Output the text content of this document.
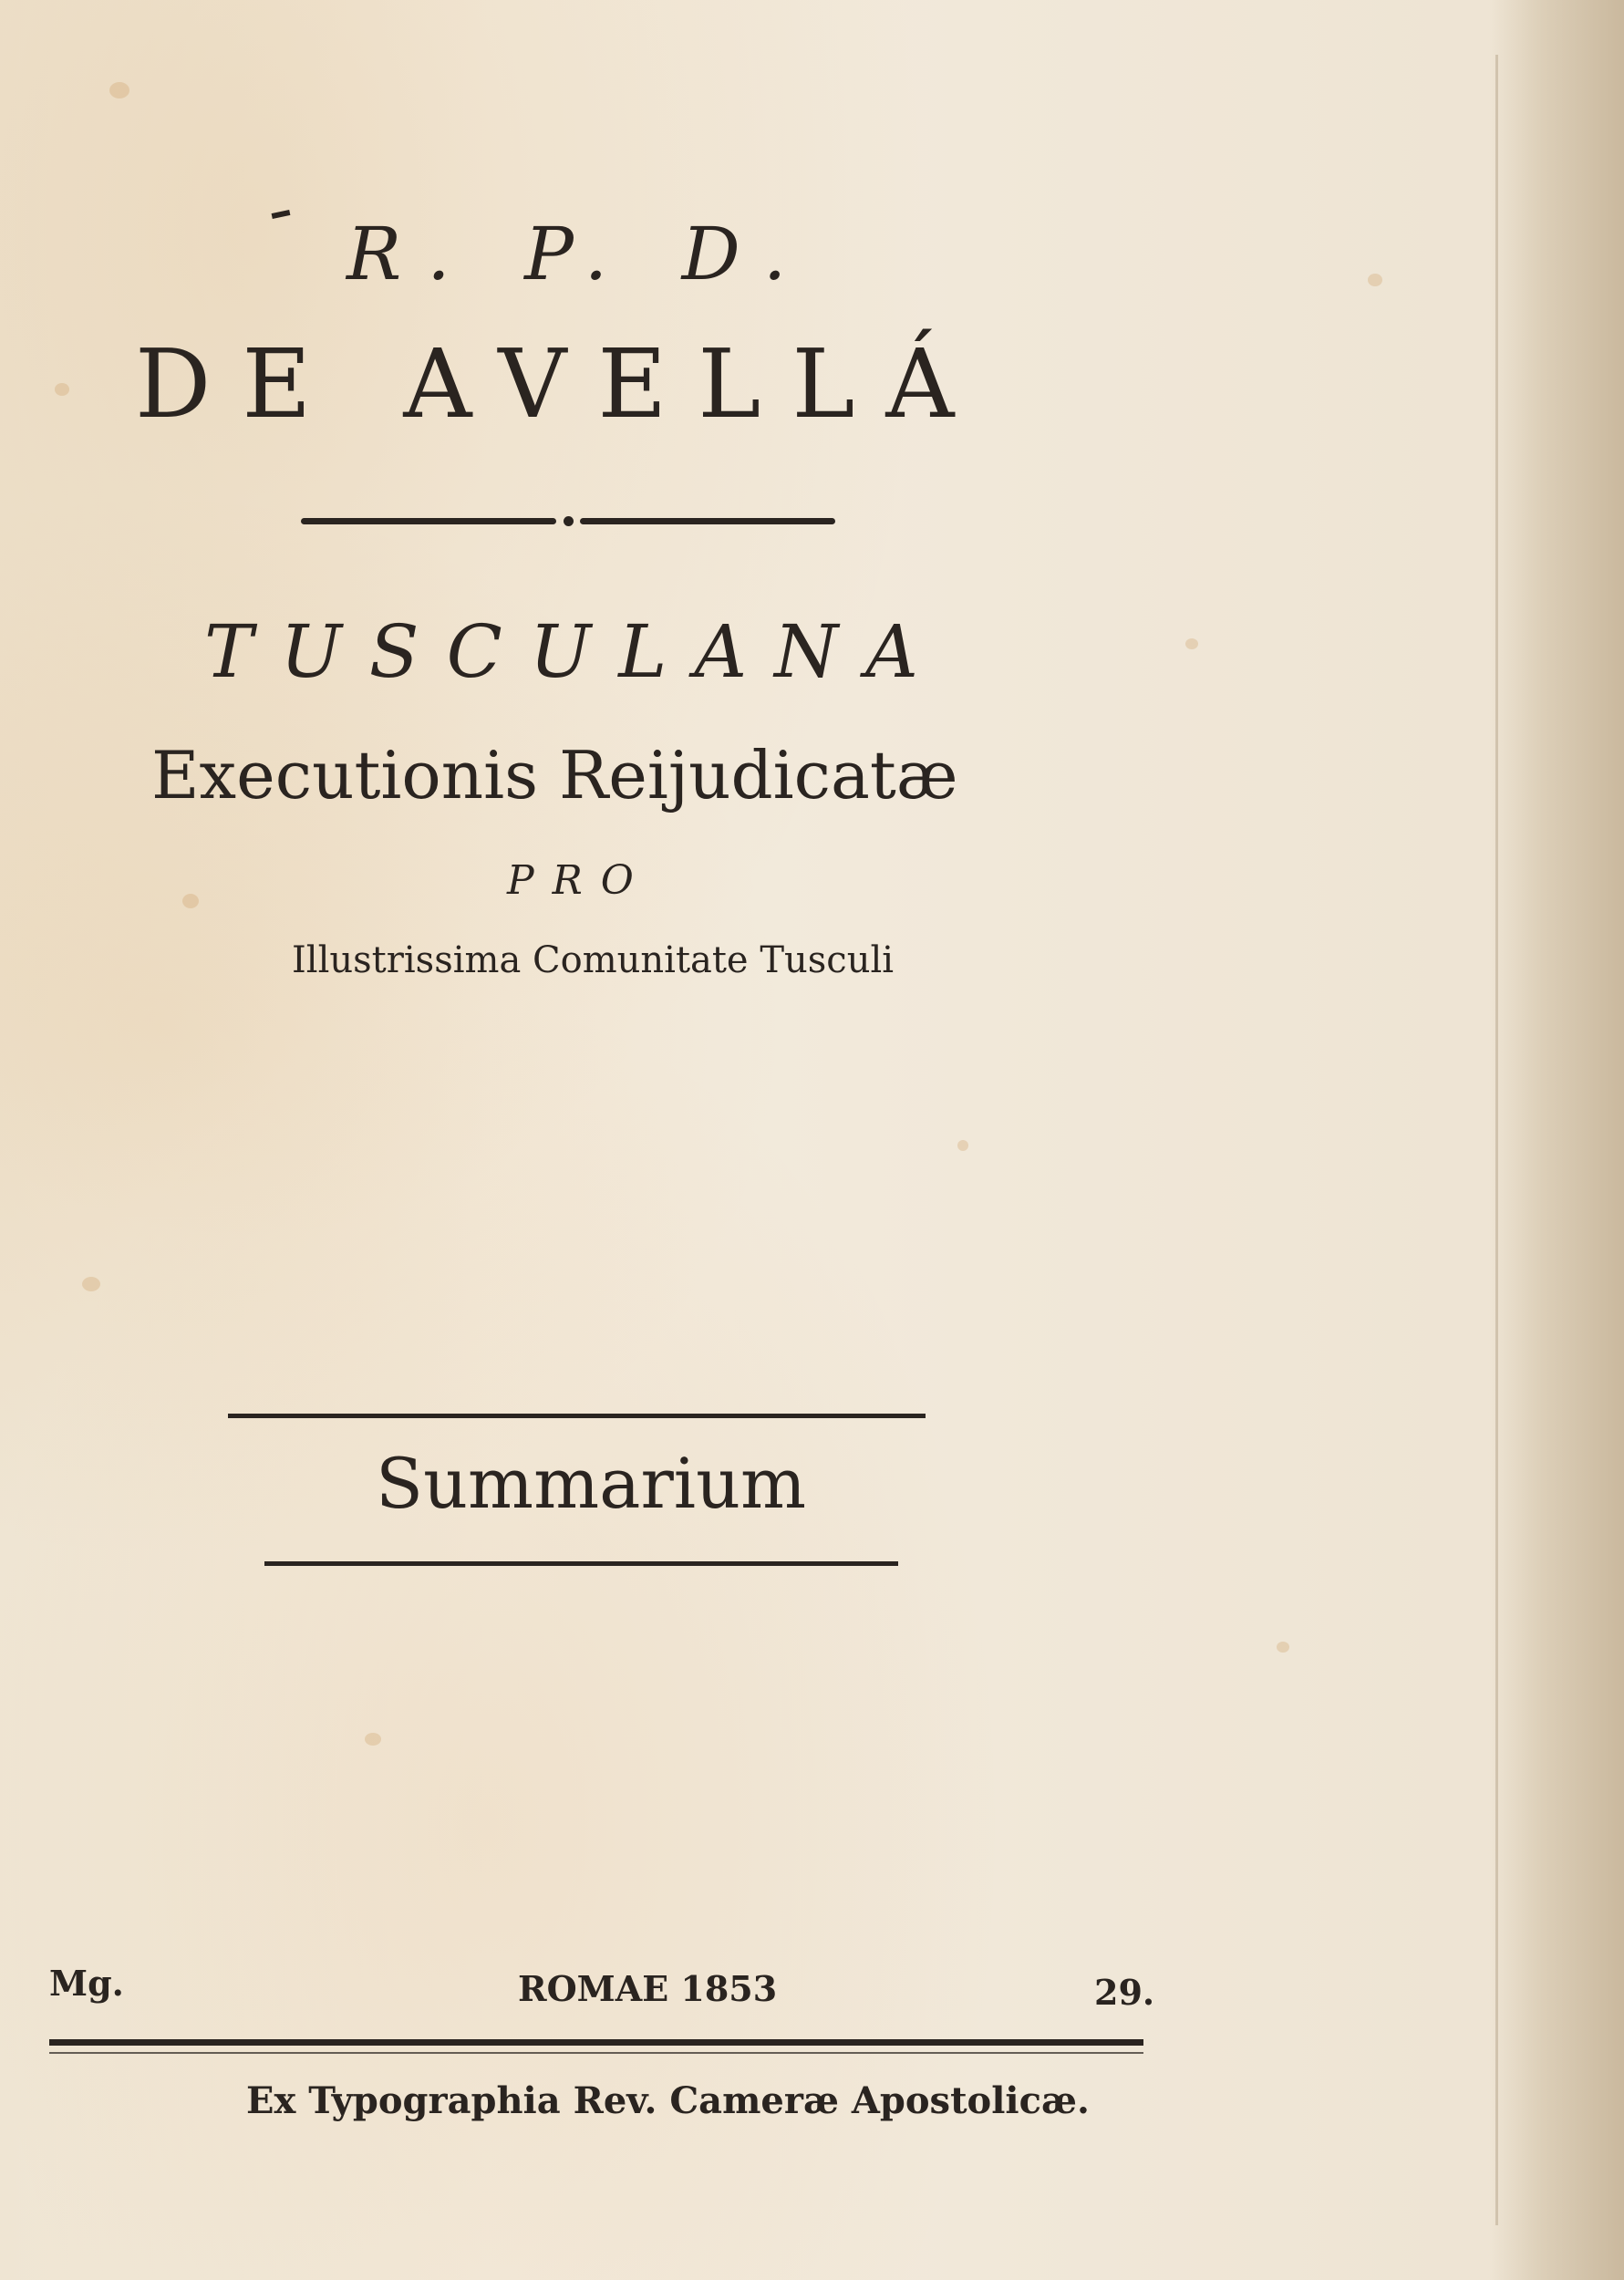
R. P. D.
DE AVELLÁ
TUSCULANA
Executionis Reijudicatæ
PRO
Illustrissima Comunitate Tusculi
Summarium
Mg.	ROMAE 1853	29.
Ex Typographia Rev. Cameræ Apostolicæ.
